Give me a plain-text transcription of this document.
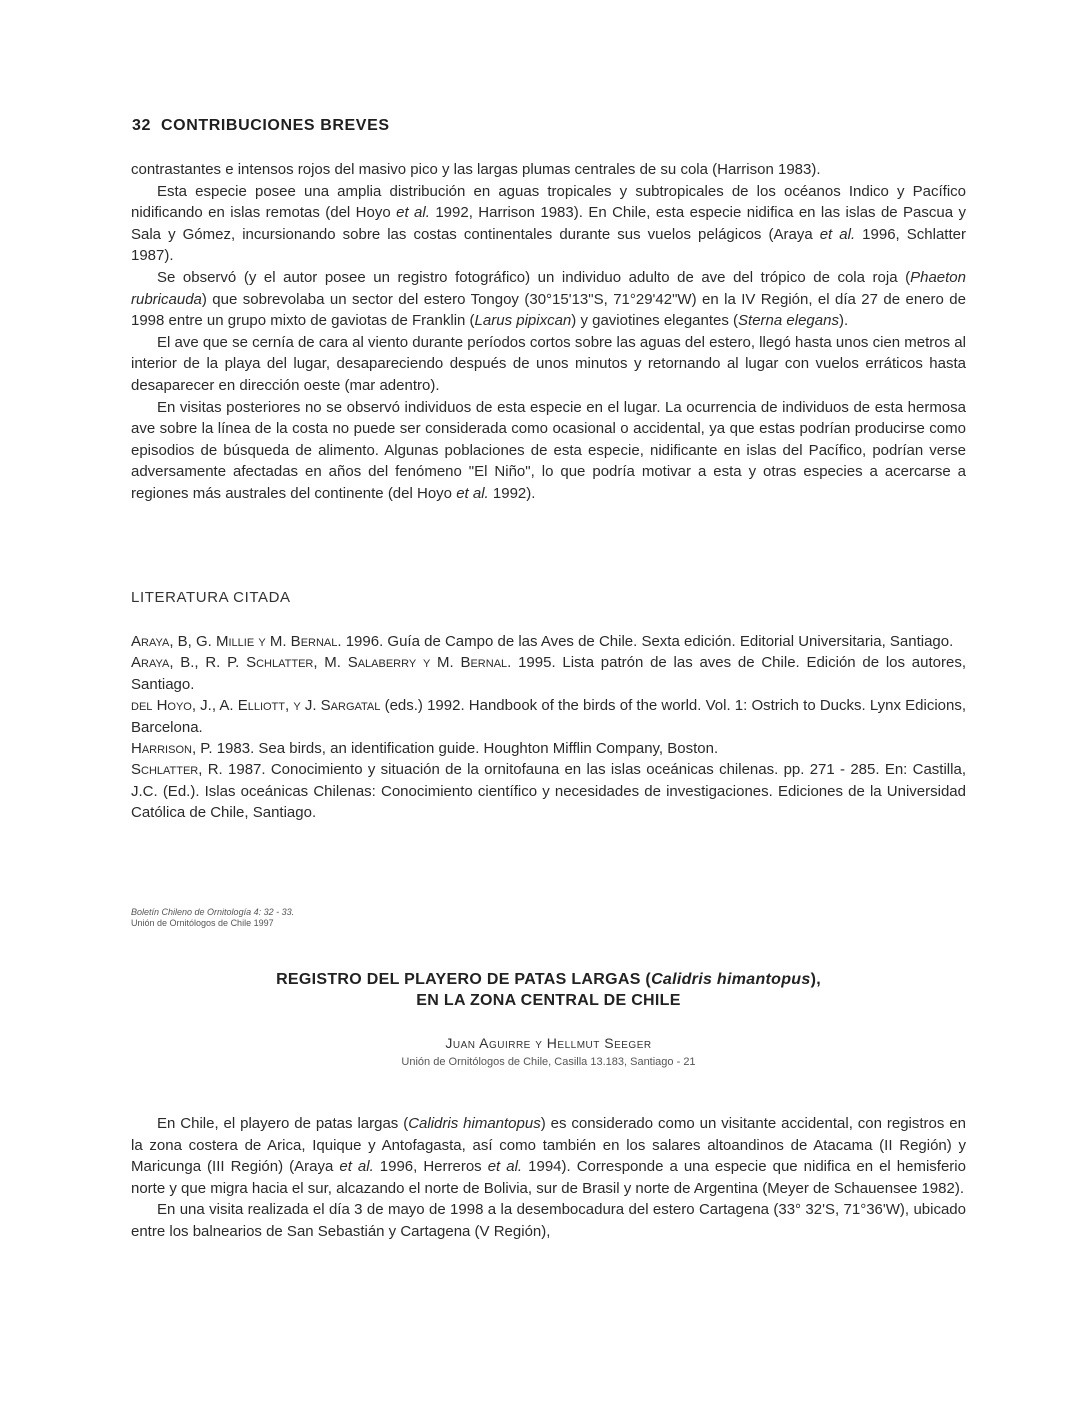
32 CONTRIBUCIONES BREVES

contrastantes e intensos rojos del masivo pico y las largas plumas centrales de su cola (Harrison 1983).

Esta especie posee una amplia distribución en aguas tropicales y subtropicales de los océanos Indico y Pacífico nidificando en islas remotas (del Hoyo et al. 1992, Harrison 1983). En Chile, esta especie nidifica en las islas de Pascua y Sala y Gómez, incursionando sobre las costas continentales durante sus vuelos pelágicos (Araya et al. 1996, Schlatter 1987).

Se observó (y el autor posee un registro fotográfico) un individuo adulto de ave del trópico de cola roja (Phaeton rubricauda) que sobrevolaba un sector del estero Tongoy (30°15'13"S, 71°29'42"W) en la IV Región, el día 27 de enero de 1998 entre un grupo mixto de gaviotas de Franklin (Larus pipixcan) y gaviotines elegantes (Sterna elegans).

El ave que se cernía de cara al viento durante períodos cortos sobre las aguas del estero, llegó hasta unos cien metros al interior de la playa del lugar, desapareciendo después de unos minutos y retornando al lugar con vuelos erráticos hasta desaparecer en dirección oeste (mar adentro).

En visitas posteriores no se observó individuos de esta especie en el lugar. La ocurrencia de individuos de esta hermosa ave sobre la línea de la costa no puede ser considerada como ocasional o accidental, ya que estas podrían producirse como episodios de búsqueda de alimento. Algunas poblaciones de esta especie, nidificante en islas del Pacífico, podrían verse adversamente afectadas en años del fenómeno "El Niño", lo que podría motivar a esta y otras especies a acercarse a regiones más australes del continente (del Hoyo et al. 1992).

LITERATURA CITADA

Araya, B, G. Millie y M. Bernal. 1996. Guía de Campo de las Aves de Chile. Sexta edición. Editorial Universitaria, Santiago.

Araya, B., R. P. Schlatter, M. Salaberry y M. Bernal. 1995. Lista patrón de las aves de Chile. Edición de los autores, Santiago.

del Hoyo, J., A. Elliott, y J. Sargatal (eds.) 1992. Handbook of the birds of the world. Vol. 1: Ostrich to Ducks. Lynx Edicions, Barcelona.

Harrison, P. 1983. Sea birds, an identification guide. Houghton Mifflin Company, Boston.

Schlatter, R. 1987. Conocimiento y situación de la ornitofauna en las islas oceánicas chilenas. pp. 271 - 285. En: Castilla, J.C. (Ed.). Islas oceánicas Chilenas: Conocimiento científico y necesidades de investigaciones. Ediciones de la Universidad Católica de Chile, Santiago.

Boletín Chileno de Ornitología 4: 32 - 33.
Unión de Ornitólogos de Chile 1997
REGISTRO DEL PLAYERO DE PATAS LARGAS (Calidris himantopus),
EN LA ZONA CENTRAL DE CHILE
Juan Aguirre y Hellmut Seeger
Unión de Ornitólogos de Chile, Casilla 13.183, Santiago - 21

En Chile, el playero de patas largas (Calidris himantopus) es considerado como un visitante accidental, con registros en la zona costera de Arica, Iquique y Antofagasta, así como también en los salares altoandinos de Atacama (II Región) y Maricunga (III Región) (Araya et al. 1996, Herreros et al. 1994). Corresponde a una especie que nidifica en el hemisferio norte y que migra hacia el sur, alcazando el norte de Bolivia, sur de Brasil y norte de Argentina (Meyer de Schauensee 1982).

En una visita realizada el día 3 de mayo de 1998 a la desembocadura del estero Cartagena (33° 32'S, 71°36'W), ubicado entre los balnearios de San Sebastián y Cartagena (V Región),
